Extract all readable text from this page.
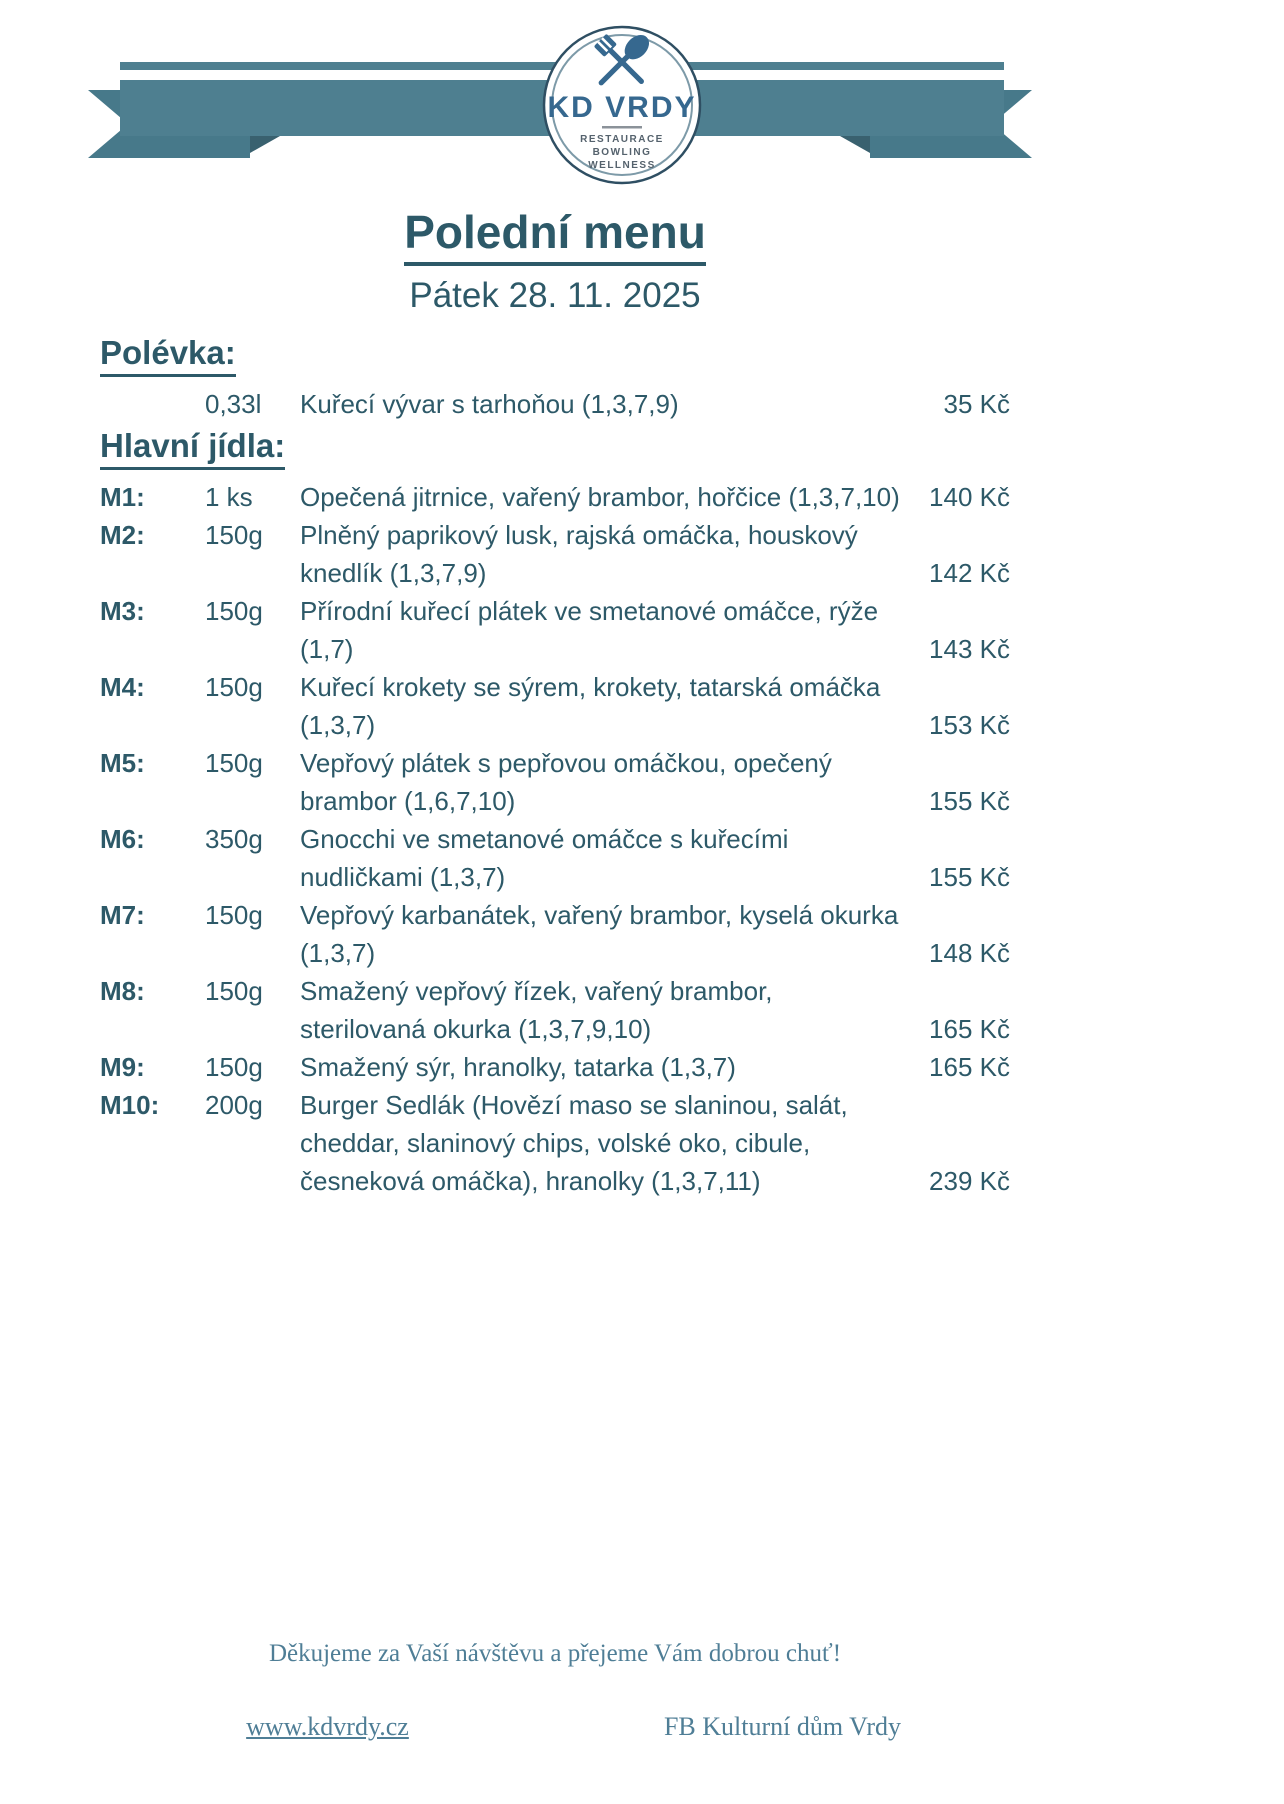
KD VRDY
RESTAURACE
BOWLING
WELLNESS
Polední menu
Pátek 28. 11. 2025
Polévka:
0,33l	Kuřecí vývar s tarhoňou (1,3,7,9)	35 Kč
Hlavní jídla:
M1:	1 ks	Opečená jitrnice, vařený brambor, hořčice (1,3,7,10)	140 Kč
M2:	150g	Plněný paprikový lusk, rajská omáčka, houskový knedlík (1,3,7,9)	142 Kč
M3:	150g	Přírodní kuřecí plátek ve smetanové omáčce, rýže (1,7)	143 Kč
M4:	150g	Kuřecí krokety se sýrem, krokety, tatarská omáčka (1,3,7)	153 Kč
M5:	150g	Vepřový plátek s pepřovou omáčkou, opečený brambor (1,6,7,10)	155 Kč
M6:	350g	Gnocchi ve smetanové omáčce s kuřecími nudličkami (1,3,7)	155 Kč
M7:	150g	Vepřový karbanátek, vařený brambor, kyselá okurka (1,3,7)	148 Kč
M8:	150g	Smažený vepřový řízek, vařený brambor, sterilovaná okurka (1,3,7,9,10)	165 Kč
M9:	150g	Smažený sýr, hranolky, tatarka (1,3,7)	165 Kč
M10:	200g	Burger Sedlák (Hovězí maso se slaninou, salát, cheddar, slaninový chips, volské oko, cibule, česneková omáčka), hranolky (1,3,7,11)	239 Kč
Děkujeme za Vaší návštěvu a přejeme Vám dobrou chuť!
www.kdvrdy.cz	FB Kulturní dům Vrdy
